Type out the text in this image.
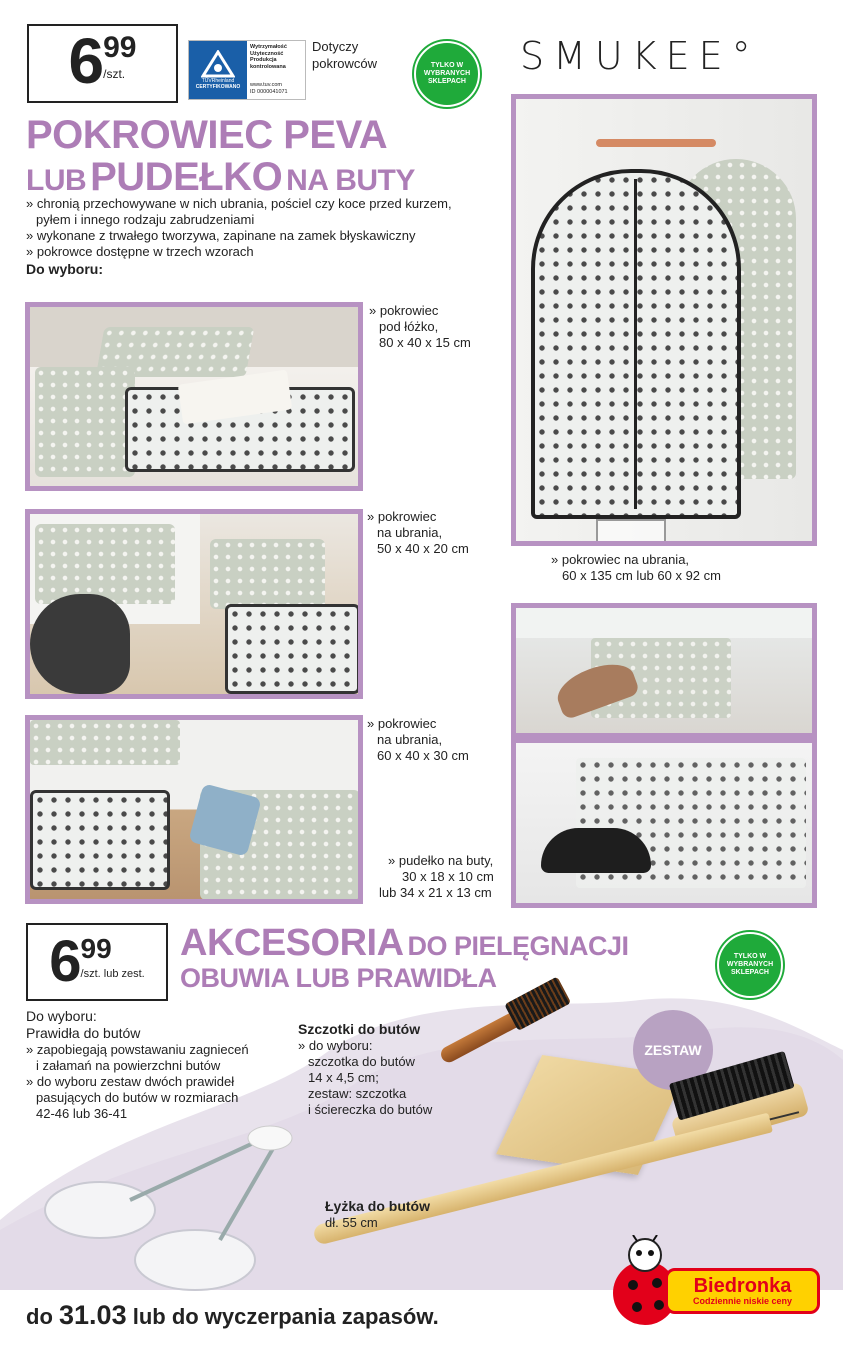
6 99
/szt.	TÜVRheinland
CERTYFIKOWANO
Wytrzymałość
Użyteczność
Produkcja
kontrolowana
www.tuv.com
ID 0000041071
Dotyczy pokrowców	TYLKO W WYBRANYCH SKLEPACH
SMUKEE°
POKROWIEC PEVA
LUB PUDEŁKO NA BUTY
» chronią przechowywane w nich ubrania, pościel czy koce przed kurzem,
pyłem i innego rodzaju zabrudzeniami
» wykonane z trwałego tworzywa, zapinane na zamek błyskawiczny
» pokrowce dostępne w trzech wzorach
Do wyboru:
» pokrowiec
pod łóżko,
80 x 40 x 15 cm
» pokrowiec
na ubrania,
50 x 40 x 20 cm
» pokrowiec
na ubrania,
60 x 40 x 30 cm
» pokrowiec na ubrania,
60 x 135 cm lub 60 x 92 cm
» pudełko na buty,
30 x 18 x 10 cm
lub 34 x 21 x 13 cm
6 99
/szt. lub zest.
AKCESORIA DO PIELĘGNACJI
OBUWIA LUB PRAWIDŁA
TYLKO W WYBRANYCH SKLEPACH
Do wyboru:
Prawidła do butów
» zapobiegają powstawaniu zagnieceń
i załamań na powierzchni butów
» do wyboru zestaw dwóch prawideł
pasujących do butów w rozmiarach
42-46 lub 36-41
Szczotki do butów
» do wyboru:
szczotka do butów
14 x 4,5 cm;
zestaw: szczotka
i ściereczka do butów
ZESTAW
Łyżka do butów
dł. 55 cm
do 31.03 lub do wyczerpania zapasów.
Biedronka
Codziennie niskie ceny
